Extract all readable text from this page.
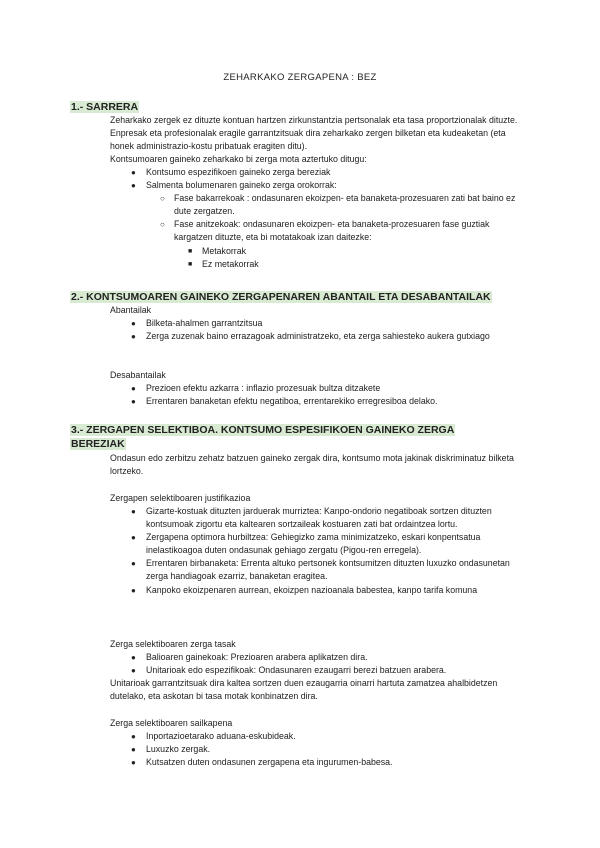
ZEHARKAKO ZERGAPENA : BEZ
1.- SARRERA
Zeharkako zergek ez dituzte kontuan hartzen zirkunstantzia pertsonalak eta tasa proportzionalak dituzte. Enpresak eta profesionalak eragile garrantzitsuak dira zeharkako zergen bilketan eta kudeaketan (eta honek administrazio-kostu pribatuak eragiten ditu).
Kontsumoaren gaineko zeharkako bi zerga mota aztertuko ditugu:
● Kontsumo espezifikoen gaineko zerga bereziak
● Salmenta bolumenaren gaineko zerga orokorrak:
○ Fase bakarrekoak : ondasunaren ekoizpen- eta banaketa-prozesuaren zati bat baino ez dute zergatzen.
○ Fase anitzekoak: ondasunaren ekoizpen- eta banaketa-prozesuaren fase guztiak kargatzen dituzte, eta bi motatakoak izan daitezke:
■ Metakorrak
■ Ez metakorrak
2.- KONTSUMOAREN GAINEKO ZERGAPENAREN ABANTAIL ETA DESABANTAILAK
Abantailak
● Bilketa-ahalmen garrantzitsua
● Zerga zuzenak baino errazagoak administratzeko, eta zerga sahiesteko aukera gutxiago
Desabantailak
● Prezioen efektu azkarra : inflazio prozesuak bultza ditzakete
● Errentaren banaketan efektu negatiboa, errentarekiko erregresiboa delako.
3.- ZERGAPEN SELEKTIBOA. KONTSUMO ESPESIFIKOEN GAINEKO ZERGA
BEREZIAK
Ondasun edo zerbitzu zehatz batzuen gaineko zergak dira, kontsumo mota jakinak diskriminatuz bilketa lortzeko.
Zergapen selektiboaren justifikazioa
● Gizarte-kostuak dituzten jarduerak murriztea: Kanpo-ondorio negatiboak sortzen dituzten kontsumoak zigortu eta kaltearen sortzaileak kostuaren zati bat ordaintzea lortu.
● Zergapena optimora hurbiltzea: Gehiegizko zama minimizatzeko, eskari konpentsatua inelastikoagoa duten ondasunak gehiago zergatu (Pigou-ren erregela).
● Errentaren birbanaketa: Errenta altuko pertsonek kontsumitzen dituzten luxuzko ondasunetan zerga handiagoak ezarriz, banaketan eragitea.
● Kanpoko ekoizpenaren aurrean, ekoizpen nazioanala babestea, kanpo tarifa komuna
Zerga selektiboaren zerga tasak
● Balioaren gainekoak: Prezioaren arabera aplikatzen dira.
● Unitarioak edo espezifikoak: Ondasunaren ezaugarri berezi batzuen arabera.
Unitarioak garrantzitsuak dira kaltea sortzen duen ezaugarria oinarri hartuta zamatzea ahalbidetzen dutelako, eta askotan bi tasa motak konbinatzen dira.
Zerga selektiboaren sailkapena
● Inportazioetarako aduana-eskubideak.
● Luxuzko zergak.
● Kutsatzen duten ondasunen zergapena eta ingurumen-babesa.
